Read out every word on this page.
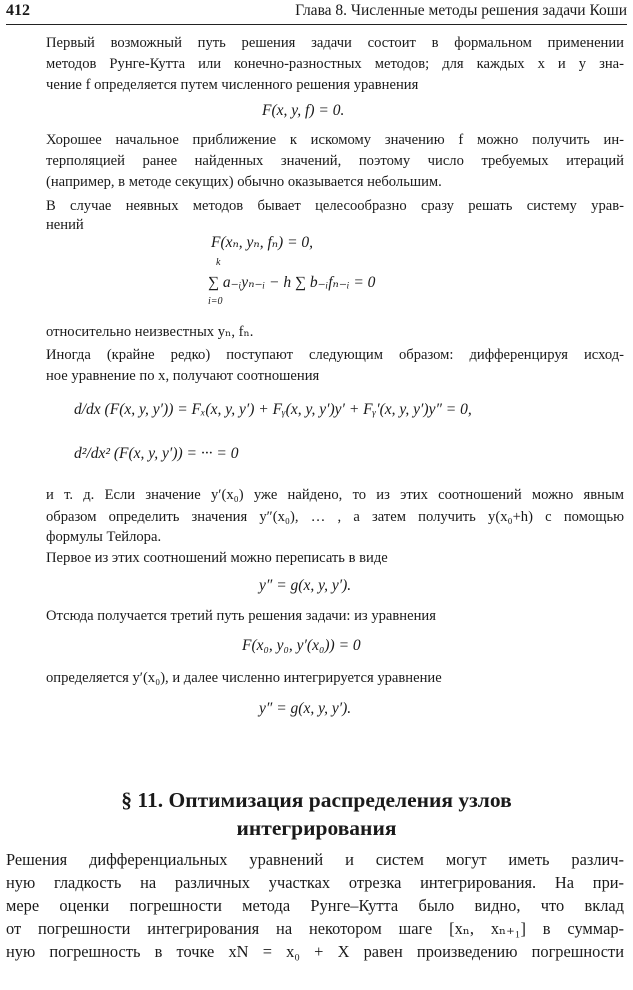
412	Глава 8. Численные методы решения задачи Коши
Первый возможный путь решения задачи состоит в формальном применении
методов Рунге-Кутта или конечно-разностных методов; для каждых x и y зна-
чение f определяется путем численного решения уравнения
F(x, y, f) = 0.
Хорошее начальное приближение к искомому значению f можно получить ин-
терполяцией ранее найденных значений, поэтому число требуемых итераций
(например, в методе секущих) обычно оказывается небольшим.
В случае неявных методов бывает целесообразно сразу решать систему урав-
нений
F(xₙ, yₙ, fₙ) = 0,
k
∑ a₋ᵢyₙ₋ᵢ − h ∑ b₋ᵢfₙ₋ᵢ = 0
i=0
относительно неизвестных yₙ, fₙ.
Иногда (крайне редко) поступают следующим образом: дифференцируя исход-
ное уравнение по x, получают соотношения
d/dx (F(x, y, y′)) = Fₓ(x, y, y′) + Fᵧ(x, y, y′)y′ + Fᵧ′(x, y, y′)y″ = 0,
d²/dx² (F(x, y, y′)) = ··· = 0
и т. д. Если значение y′(x₀) уже найдено, то из этих соотношений можно явным
образом определить значения y″(x₀), … , а затем получить y(x₀+h) с помощью
формулы Тейлора.
Первое из этих соотношений можно переписать в виде
y″ = g(x, y, y′).
Отсюда получается третий путь решения задачи: из уравнения
F(x₀, y₀, y′(x₀)) = 0
определяется y′(x₀), и далее численно интегрируется уравнение
y″ = g(x, y, y′).
§ 11. Оптимизация распределения узлов
интегрирования
Решения дифференциальных уравнений и систем могут иметь различ-
ную гладкость на различных участках отрезка интегрирования. На при-
мере оценки погрешности метода Рунге–Кутта было видно, что вклад
от погрешности интегрирования на некотором шаге [xₙ, xₙ₊₁] в суммар-
ную погрешность в точке xΝ = x₀ + X равен произведению погрешности
